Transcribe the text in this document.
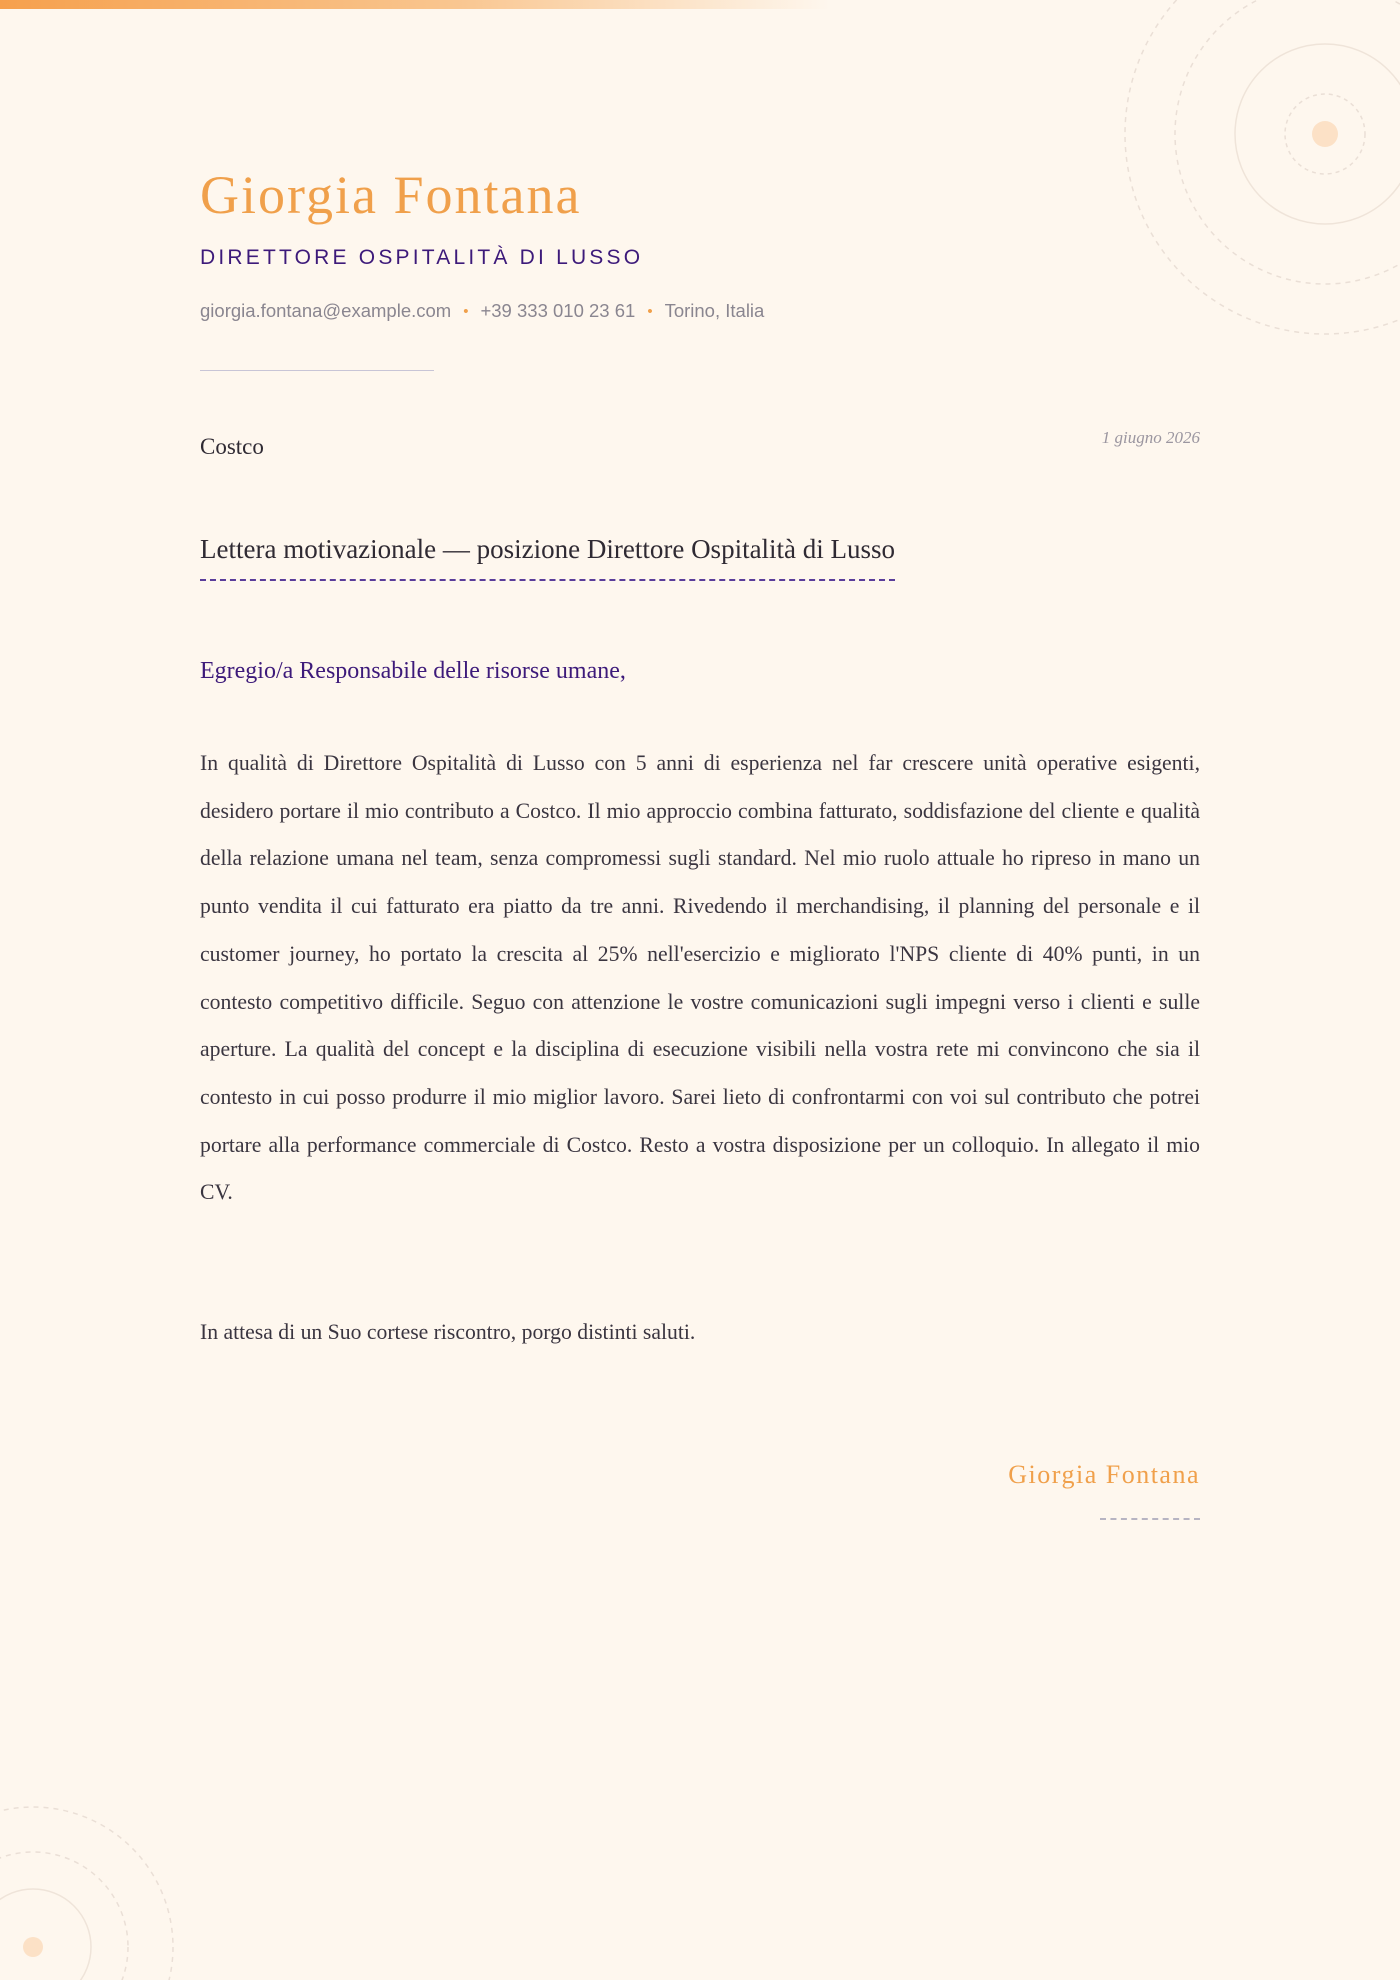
Giorgia Fontana
DIRETTORE OSPITALITÀ DI LUSSO
giorgia.fontana@example.com • +39 333 010 23 61 • Torino, Italia
Costco	1 giugno 2026
Lettera motivazionale — posizione Direttore Ospitalità di Lusso
Egregio/a Responsabile delle risorse umane,

In qualità di Direttore Ospitalità di Lusso con 5 anni di esperienza nel far crescere unità operative esigenti, desidero portare il mio contributo a Costco. Il mio approccio combina fatturato, soddisfazione del cliente e qualità della relazione umana nel team, senza compromessi sugli standard. Nel mio ruolo attuale ho ripreso in mano un punto vendita il cui fatturato era piatto da tre anni. Rivedendo il merchandising, il planning del personale e il customer journey, ho portato la crescita al 25% nell'esercizio e migliorato l'NPS cliente di 40% punti, in un contesto competitivo difficile. Seguo con attenzione le vostre comunicazioni sugli impegni verso i clienti e sulle aperture. La qualità del concept e la disciplina di esecuzione visibili nella vostra rete mi convincono che sia il contesto in cui posso produrre il mio miglior lavoro. Sarei lieto di confrontarmi con voi sul contributo che potrei portare alla performance commerciale di Costco. Resto a vostra disposizione per un colloquio. In allegato il mio CV.

In attesa di un Suo cortese riscontro, porgo distinti saluti.
Giorgia Fontana
